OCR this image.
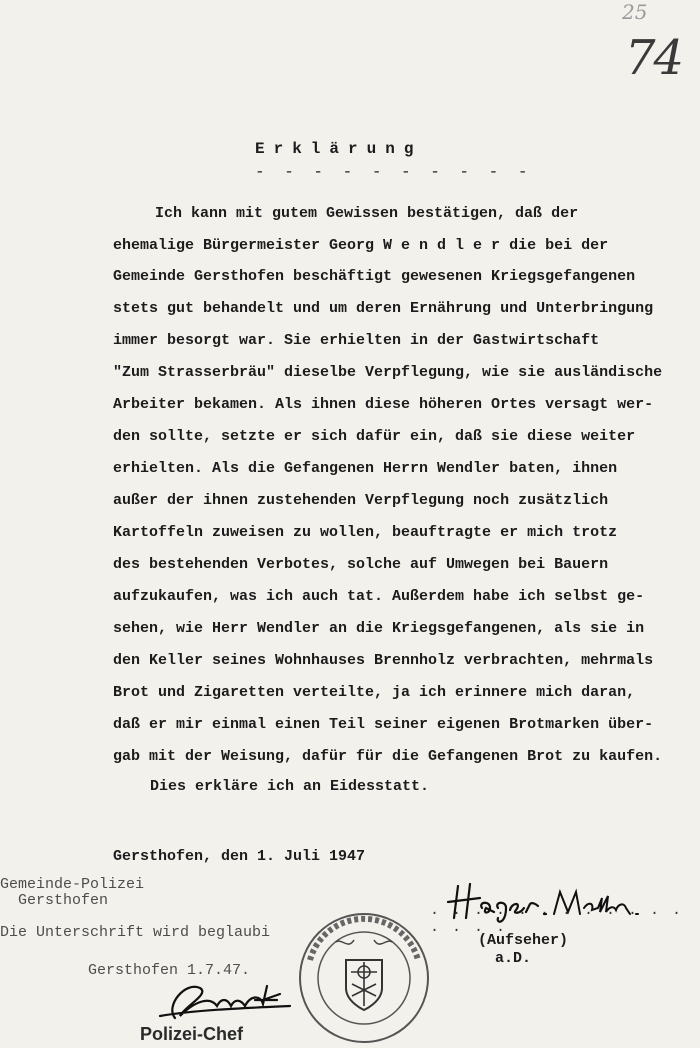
25
74
Erklärung
- - - - - - - - - -
Ich kann mit gutem Gewissen bestätigen, daß der
ehemalige Bürgermeister Georg W e n d l e r die bei der
Gemeinde Gersthofen beschäftigt gewesenen Kriegsgefangenen
stets gut behandelt und um deren Ernährung und Unterbringung
immer besorgt war. Sie erhielten in der Gastwirtschaft
"Zum Strasserbräu" dieselbe Verpflegung, wie sie ausländische
Arbeiter bekamen. Als ihnen diese höheren Ortes versagt wer-
den sollte, setzte er sich dafür ein, daß sie diese weiter
erhielten. Als die Gefangenen Herrn Wendler baten, ihnen
außer der ihnen zustehenden Verpflegung noch zusätzlich
Kartoffeln zuweisen zu wollen, beauftragte er mich trotz
des bestehenden Verbotes, solche auf Umwegen bei Bauern
aufzukaufen, was ich auch tat. Außerdem habe ich selbst ge-
sehen, wie Herr Wendler an die Kriegsgefangenen, als sie in
den Keller seines Wohnhauses Brennholz verbrachten, mehrmals
Brot und Zigaretten verteilte, ja ich erinnere mich daran,
daß er mir einmal einen Teil seiner eigenen Brotmarken über-
gab mit der Weisung, dafür für die Gefangenen Brot zu kaufen.
Dies erkläre ich an Eidesstatt.
Gersthofen, den 1. Juli 1947
Gemeinde-Polizei
Gersthofen
Die Unterschrift wird beglaubi
Gersthofen 1.7.47.
Polizei-Chef
. . . . . . . . . . . . . . . .
(Aufseher)
a.D.
